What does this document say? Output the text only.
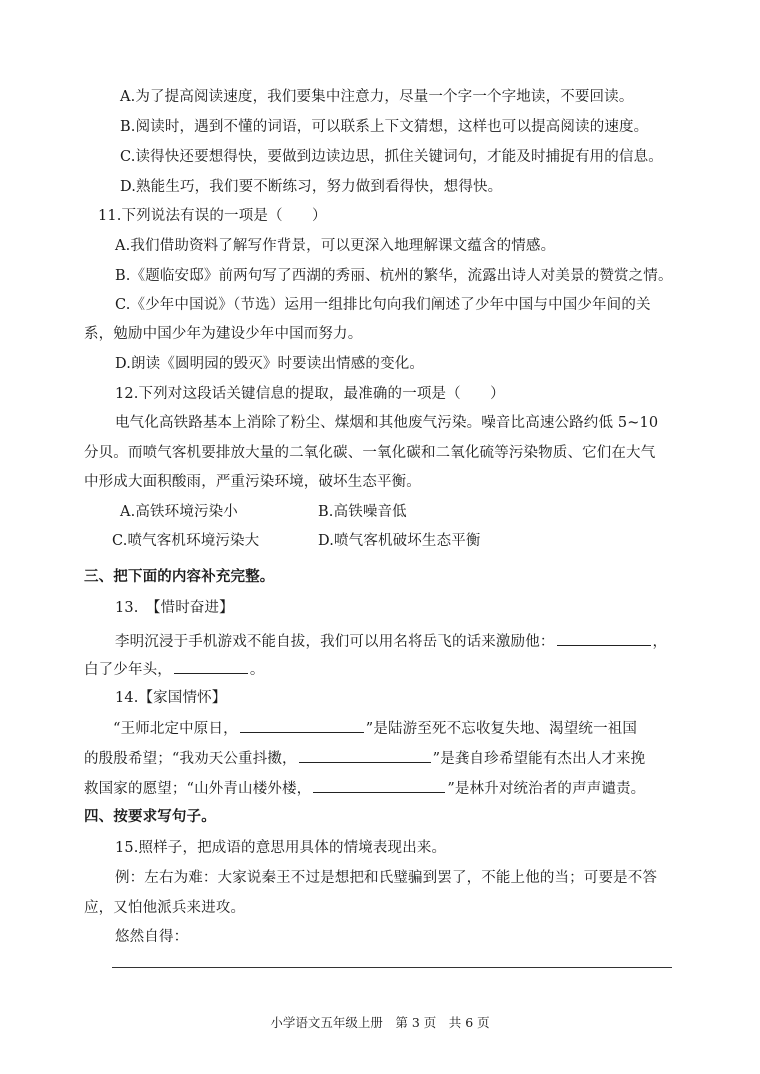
A.为了提高阅读速度，我们要集中注意力，尽量一个字一个字地读，不要回读。
B.阅读时，遇到不懂的词语，可以联系上下文猜想，这样也可以提高阅读的速度。
C.读得快还要想得快，要做到边读边思，抓住关键词句，才能及时捕捉有用的信息。
D.熟能生巧，我们要不断练习，努力做到看得快，想得快。
11.下列说法有误的一项是（　　）
A.我们借助资料了解写作背景，可以更深入地理解课文蕴含的情感。
B.《题临安邸》前两句写了西湖的秀丽、杭州的繁华，流露出诗人对美景的赞赏之情。
C.《少年中国说》（节选）运用一组排比句向我们阐述了少年中国与中国少年间的关
系，勉励中国少年为建设少年中国而努力。
D.朗读《圆明园的毁灭》时要读出情感的变化。
12.下列对这段话关键信息的提取，最准确的一项是（　　）
电气化高铁路基本上消除了粉尘、煤烟和其他废气污染。噪音比高速公路约低 5~10
分贝。而喷气客机要排放大量的二氧化碳、一氧化碳和二氧化硫等污染物质、它们在大气
中形成大面积酸雨，严重污染环境，破坏生态平衡。
A.高铁环境污染小	B.高铁噪音低
C.喷气客机环境污染大	D.喷气客机破坏生态平衡
三、把下面的内容补充完整。
13.　【惜时奋进】
李明沉浸于手机游戏不能自拔，我们可以用名将岳飞的话来激励他：	，
白了少年头，	。
14.【家国情怀】
“王师北定中原日，	”是陆游至死不忘收复失地、渴望统一祖国
的殷殷希望；“我劝天公重抖擞，	”是龚自珍希望能有杰出人才来挽
救国家的愿望；“山外青山楼外楼，	”是林升对统治者的声声谴责。
四、按要求写句子。
15.照样子，把成语的意思用具体的情境表现出来。
例：左右为难：大家说秦王不过是想把和氏璧骗到罢了，不能上他的当；可要是不答
应，又怕他派兵来进攻。
悠然自得：
小学语文五年级上册　第 3 页　共 6 页
